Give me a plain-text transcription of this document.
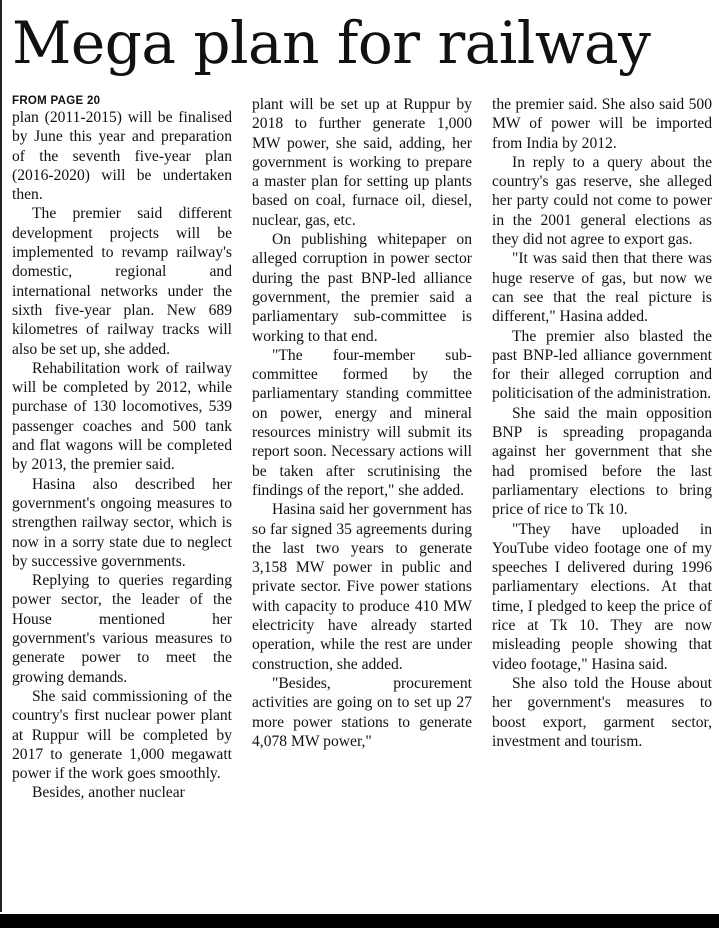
Mega plan for railway
FROM PAGE 20

plan (2011-2015) will be finalised by June this year and preparation of the seventh five-year plan (2016-2020) will be undertaken then.

The premier said different development projects will be implemented to revamp railway's domestic, regional and international networks under the sixth five-year plan. New 689 kilometres of railway tracks will also be set up, she added.

Rehabilitation work of railway will be completed by 2012, while purchase of 130 locomotives, 539 passenger coaches and 500 tank and flat wagons will be completed by 2013, the premier said.

Hasina also described her government's ongoing measures to strengthen railway sector, which is now in a sorry state due to neglect by successive governments.

Replying to queries regarding power sector, the leader of the House mentioned her government's various measures to generate power to meet the growing demands.

She said commissioning of the country's first nuclear power plant at Ruppur will be completed by 2017 to generate 1,000 megawatt power if the work goes smoothly.

Besides, another nuclear

plant will be set up at Ruppur by 2018 to further generate 1,000 MW power, she said, adding, her government is working to prepare a master plan for setting up plants based on coal, furnace oil, diesel, nuclear, gas, etc.

On publishing whitepaper on alleged corruption in power sector during the past BNP-led alliance government, the premier said a parliamentary sub-committee is working to that end.

"The four-member sub-committee formed by the parliamentary standing committee on power, energy and mineral resources ministry will submit its report soon. Necessary actions will be taken after scrutinising the findings of the report," she added.

Hasina said her government has so far signed 35 agreements during the last two years to generate 3,158 MW power in public and private sector. Five power stations with capacity to produce 410 MW electricity have already started operation, while the rest are under construction, she added.

"Besides, procurement activities are going on to set up 27 more power stations to generate 4,078 MW power,"

the premier said. She also said 500 MW of power will be imported from India by 2012.

In reply to a query about the country's gas reserve, she alleged her party could not come to power in the 2001 general elections as they did not agree to export gas.

"It was said then that there was huge reserve of gas, but now we can see that the real picture is different," Hasina added.

The premier also blasted the past BNP-led alliance government for their alleged corruption and politicisation of the administration.

She said the main opposition BNP is spreading propaganda against her government that she had promised before the last parliamentary elections to bring price of rice to Tk 10.

"They have uploaded in YouTube video footage one of my speeches I delivered during 1996 parliamentary elections. At that time, I pledged to keep the price of rice at Tk 10. They are now misleading people showing that video footage," Hasina said.

She also told the House about her government's measures to boost export, garment sector, investment and tourism.
